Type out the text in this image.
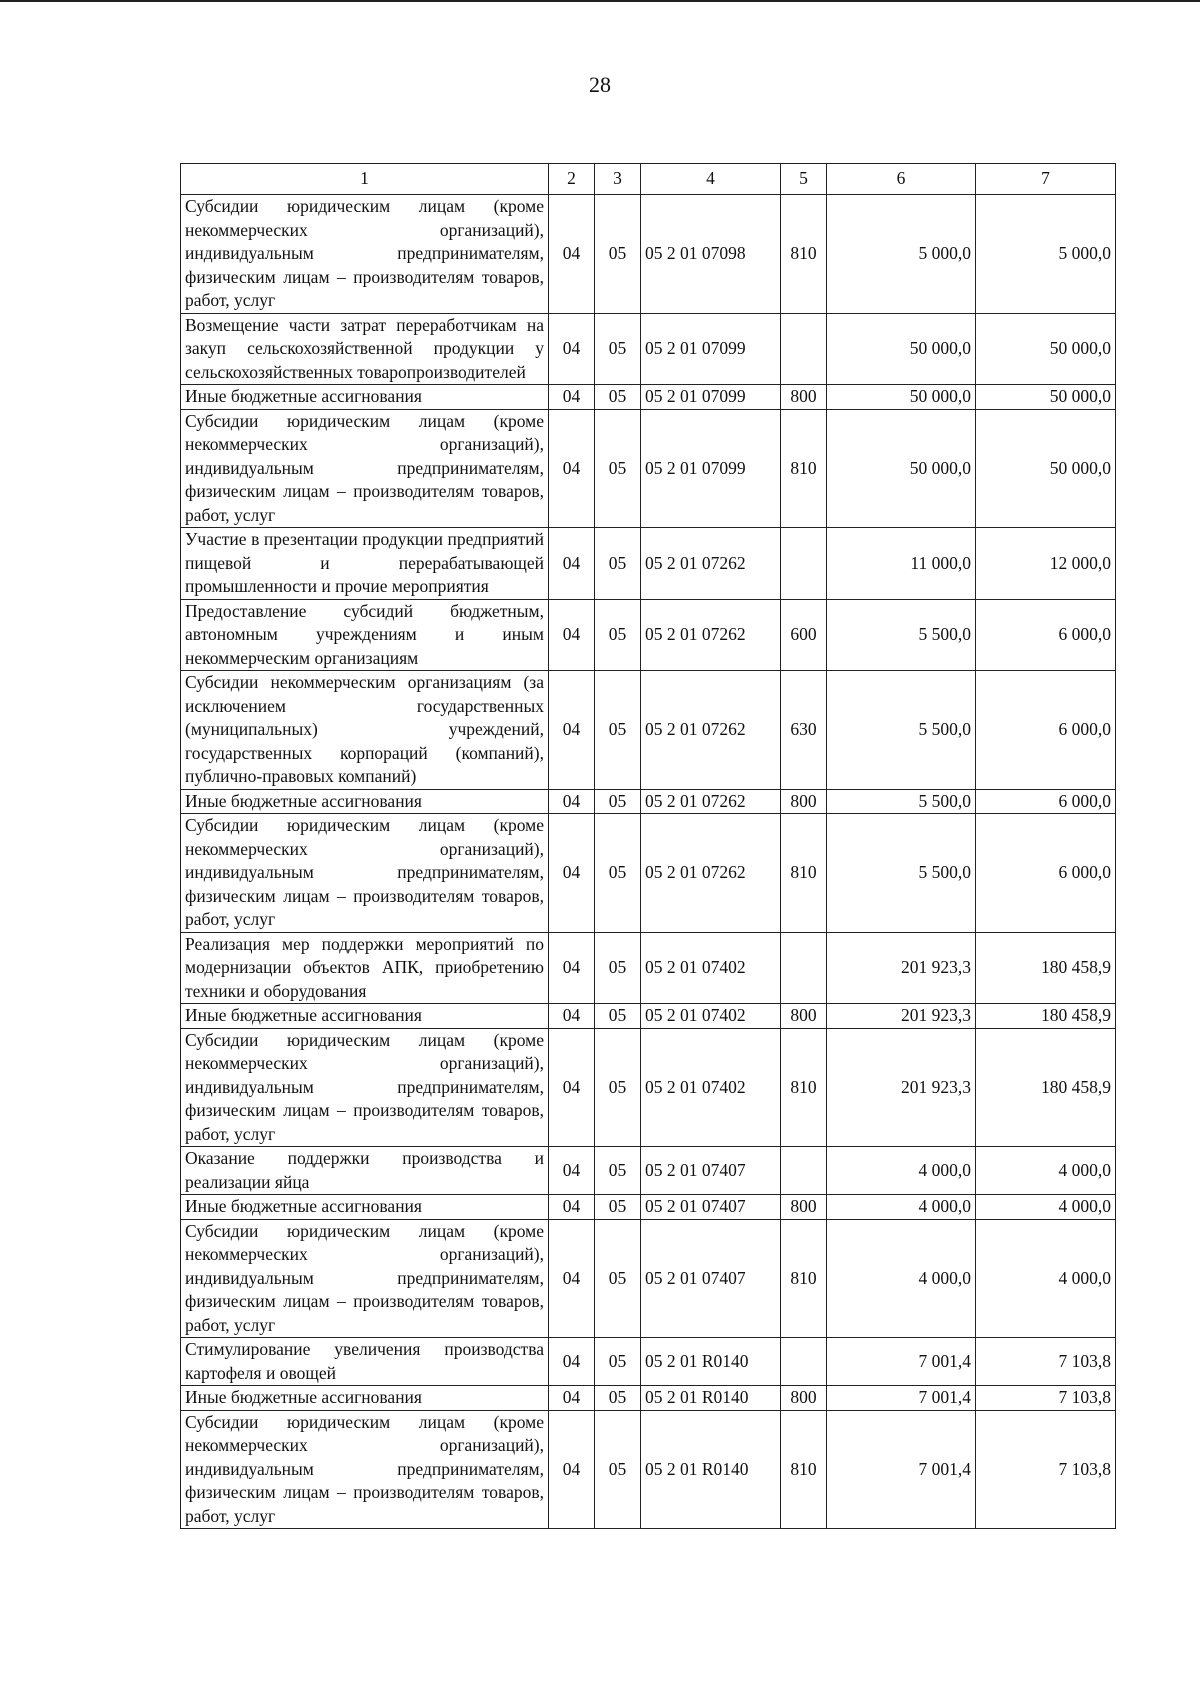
28
1	2	3	4	5	6	7
Субсидии юридическим лицам (кроме некоммерческих организаций), индивидуальным предпринимателям, физическим лицам – производителям товаров, работ, услуг	04	05	05 2 01 07098	810	5 000,0	5 000,0
Возмещение части затрат переработчикам на закуп сельскохозяйственной продукции у сельскохозяйственных товаропроизводителей	04	05	05 2 01 07099		50 000,0	50 000,0
Иные бюджетные ассигнования	04	05	05 2 01 07099	800	50 000,0	50 000,0
Субсидии юридическим лицам (кроме некоммерческих организаций), индивидуальным предпринимателям, физическим лицам – производителям товаров, работ, услуг	04	05	05 2 01 07099	810	50 000,0	50 000,0
Участие в презентации продукции предприятий пищевой и перерабатывающей промышленности и прочие мероприятия	04	05	05 2 01 07262		11 000,0	12 000,0
Предоставление субсидий бюджетным, автономным учреждениям и иным некоммерческим организациям	04	05	05 2 01 07262	600	5 500,0	6 000,0
Субсидии некоммерческим организациям (за исключением государственных (муниципальных) учреждений, государственных корпораций (компаний), публично-правовых компаний)	04	05	05 2 01 07262	630	5 500,0	6 000,0
Иные бюджетные ассигнования	04	05	05 2 01 07262	800	5 500,0	6 000,0
Субсидии юридическим лицам (кроме некоммерческих организаций), индивидуальным предпринимателям, физическим лицам – производителям товаров, работ, услуг	04	05	05 2 01 07262	810	5 500,0	6 000,0
Реализация мер поддержки мероприятий по модернизации объектов АПК, приобретению техники и оборудования	04	05	05 2 01 07402		201 923,3	180 458,9
Иные бюджетные ассигнования	04	05	05 2 01 07402	800	201 923,3	180 458,9
Субсидии юридическим лицам (кроме некоммерческих организаций), индивидуальным предпринимателям, физическим лицам – производителям товаров, работ, услуг	04	05	05 2 01 07402	810	201 923,3	180 458,9
Оказание поддержки производства и реализации яйца	04	05	05 2 01 07407		4 000,0	4 000,0
Иные бюджетные ассигнования	04	05	05 2 01 07407	800	4 000,0	4 000,0
Субсидии юридическим лицам (кроме некоммерческих организаций), индивидуальным предпринимателям, физическим лицам – производителям товаров, работ, услуг	04	05	05 2 01 07407	810	4 000,0	4 000,0
Стимулирование увеличения производства картофеля и овощей	04	05	05 2 01 R0140		7 001,4	7 103,8
Иные бюджетные ассигнования	04	05	05 2 01 R0140	800	7 001,4	7 103,8
Субсидии юридическим лицам (кроме некоммерческих организаций), индивидуальным предпринимателям, физическим лицам – производителям товаров, работ, услуг	04	05	05 2 01 R0140	810	7 001,4	7 103,8
